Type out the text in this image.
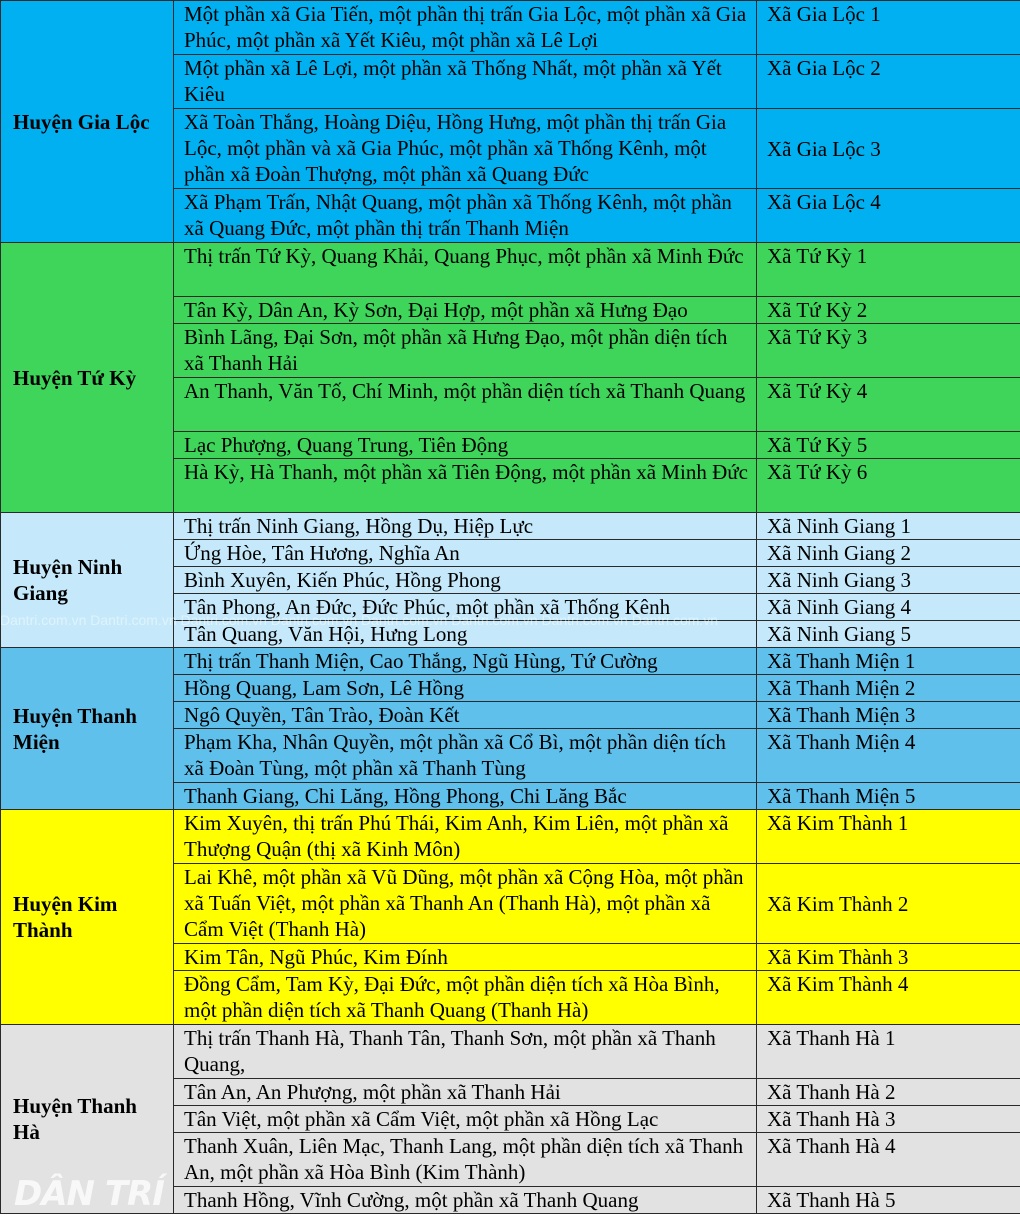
Huyện Gia Lộc	Một phần xã Gia Tiến, một phần thị trấn Gia Lộc, một phần xã Gia Phúc, một phần xã Yết Kiêu, một phần xã Lê Lợi	Xã Gia Lộc 1
	Một phần xã Lê Lợi, một phần xã Thống Nhất, một phần xã Yết Kiêu	Xã Gia Lộc 2
	Xã Toàn Thắng, Hoàng Diệu, Hồng Hưng, một phần thị trấn Gia Lộc, một phần và xã Gia Phúc, một phần xã Thống Kênh, một phần xã Đoàn Thượng, một phần xã Quang Đức	Xã Gia Lộc 3
	Xã Phạm Trấn, Nhật Quang, một phần xã Thống Kênh, một phần xã Quang Đức, một phần thị trấn Thanh Miện	Xã Gia Lộc 4
Huyện Tứ Kỳ	Thị trấn Tứ Kỳ, Quang Khải, Quang Phục, một phần xã Minh Đức	Xã Tứ Kỳ 1
	Tân Kỳ, Dân An, Kỳ Sơn, Đại Hợp, một phần xã Hưng Đạo	Xã Tứ Kỳ 2
	Bình Lãng, Đại Sơn, một phần xã Hưng Đạo, một phần diện tích xã Thanh Hải	Xã Tứ Kỳ 3
	An Thanh, Văn Tố, Chí Minh, một phần diện tích xã Thanh Quang	Xã Tứ Kỳ 4
	Lạc Phượng, Quang Trung, Tiên Động	Xã Tứ Kỳ 5
	Hà Kỳ, Hà Thanh, một phần xã Tiên Động, một phần xã Minh Đức	Xã Tứ Kỳ 6
Huyện Ninh Giang	Thị trấn Ninh Giang, Hồng Dụ, Hiệp Lực	Xã Ninh Giang 1
	Ứng Hòe, Tân Hương, Nghĩa An	Xã Ninh Giang 2
	Bình Xuyên, Kiến Phúc, Hồng Phong	Xã Ninh Giang 3
	Tân Phong, An Đức, Đức Phúc, một phần xã Thống Kênh	Xã Ninh Giang 4
	Tân Quang, Văn Hội, Hưng Long	Xã Ninh Giang 5
Huyện Thanh Miện	Thị trấn Thanh Miện, Cao Thắng, Ngũ Hùng, Tứ Cường	Xã Thanh Miện 1
	Hồng Quang, Lam Sơn, Lê Hồng	Xã Thanh Miện 2
	Ngô Quyền, Tân Trào, Đoàn Kết	Xã Thanh Miện 3
	Phạm Kha, Nhân Quyền, một phần xã Cổ Bì, một phần diện tích xã Đoàn Tùng, một phần xã Thanh Tùng	Xã Thanh Miện 4
	Thanh Giang, Chi Lăng, Hồng Phong, Chi Lăng Bắc	Xã Thanh Miện 5
Huyện Kim Thành	Kim Xuyên, thị trấn Phú Thái, Kim Anh, Kim Liên, một phần xã Thượng Quận (thị xã Kinh Môn)	Xã Kim Thành 1
	Lai Khê, một phần xã Vũ Dũng, một phần xã Cộng Hòa, một phần xã Tuấn Việt, một phần xã Thanh An (Thanh Hà), một phần xã Cẩm Việt (Thanh Hà)	Xã Kim Thành 2
	Kim Tân, Ngũ Phúc, Kim Đính	Xã Kim Thành 3
	Đồng Cẩm, Tam Kỳ, Đại Đức, một phần diện tích xã Hòa Bình, một phần diện tích xã Thanh Quang (Thanh Hà)	Xã Kim Thành 4
Huyện Thanh Hà	Thị trấn Thanh Hà, Thanh Tân, Thanh Sơn, một phần xã Thanh Quang,	Xã Thanh Hà 1
	Tân An, An Phượng, một phần xã Thanh Hải	Xã Thanh Hà 2
	Tân Việt, một phần xã Cẩm Việt, một phần xã Hồng Lạc	Xã Thanh Hà 3
	Thanh Xuân, Liên Mạc, Thanh Lang, một phần diện tích xã Thanh An, một phần xã Hòa Bình (Kim Thành)	Xã Thanh Hà 4
	Thanh Hồng, Vĩnh Cường, một phần xã Thanh Quang	Xã Thanh Hà 5
Dantri.com.vn Dantri.com.vn Dantri.com.vn Dantri.com.vn Dantri.com.vn Dantri.com.vn Dantri.com.vn Dantri.com.vn
DÂN TRÍ
